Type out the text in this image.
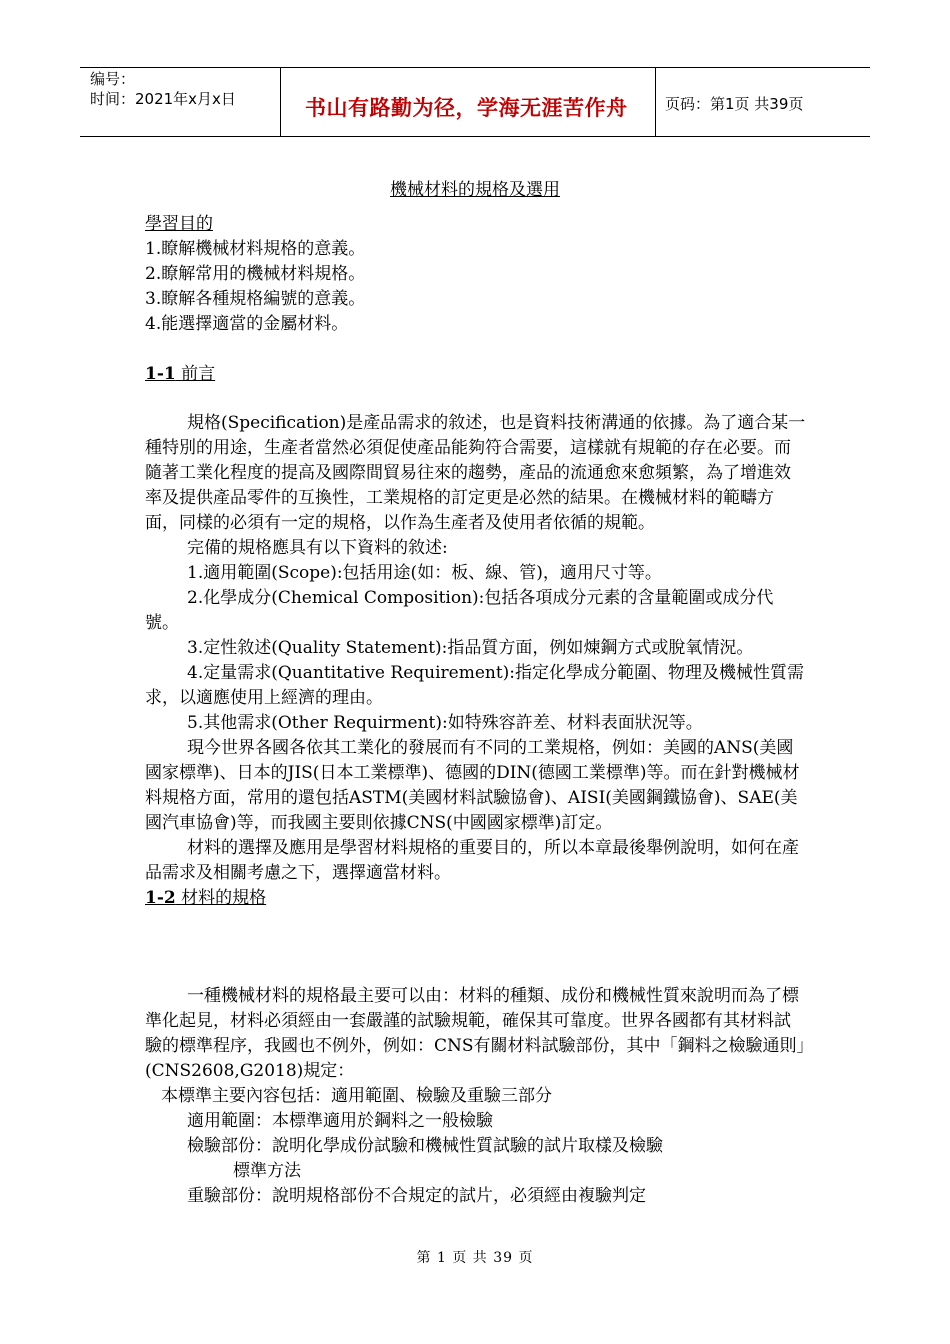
编号：
时间：2021年x月x日	书山有路勤为径，学海无涯苦作舟	页码：第1页 共39页
機械材料的規格及選用

學習目的

1.瞭解機械材料規格的意義。

2.瞭解常用的機械材料規格。

3.瞭解各種規格編號的意義。

4.能選擇適當的金屬材料。

1-1 前言

規格(Specification)是產品需求的敘述，也是資料技術溝通的依據。為了適合某一種特別的用途，生產者當然必須促使產品能夠符合需要，這樣就有規範的存在必要。而隨著工業化程度的提高及國際間貿易往來的趨勢，產品的流通愈來愈頻繁，為了增進效率及提供產品零件的互換性，工業規格的訂定更是必然的結果。在機械材料的範疇方面，同樣的必須有一定的規格，以作為生產者及使用者依循的規範。

完備的規格應具有以下資料的敘述:

1.適用範圍(Scope):包括用途(如：板、線、管)，適用尺寸等。

2.化學成分(Chemical Composition):包括各項成分元素的含量範圍或成分代號。

3.定性敘述(Quality Statement):指品質方面，例如煉鋼方式或脫氧情況。

4.定量需求(Quantitative Requirement):指定化學成分範圍、物理及機械性質需求，以適應使用上經濟的理由。

5.其他需求(Other Requirment):如特殊容許差、材料表面狀況等。

現今世界各國各依其工業化的發展而有不同的工業規格，例如：美國的ANS(美國國家標準)、日本的JIS(日本工業標準)、德國的DIN(德國工業標準)等。而在針對機械材料規格方面，常用的還包括ASTM(美國材料試驗協會)、AISI(美國鋼鐵協會)、SAE(美國汽車協會)等，而我國主要則依據CNS(中國國家標準)訂定。

材料的選擇及應用是學習材料規格的重要目的，所以本章最後舉例說明，如何在產品需求及相關考慮之下，選擇適當材料。

1-2 材料的規格

一種機械材料的規格最主要可以由：材料的種類、成份和機械性質來說明而為了標準化起見，材料必須經由一套嚴謹的試驗規範，確保其可靠度。世界各國都有其材料試驗的標準程序，我國也不例外，例如：CNS有關材料試驗部份，其中「鋼料之檢驗通則」(CNS2608,G2018)規定：

本標準主要內容包括：適用範圍、檢驗及重驗三部分

適用範圍：本標準適用於鋼料之一般檢驗

檢驗部份：說明化學成份試驗和機械性質試驗的試片取樣及檢驗

標準方法

重驗部份：說明規格部份不合規定的試片，必須經由複驗判定

第 1 页 共 39 页
